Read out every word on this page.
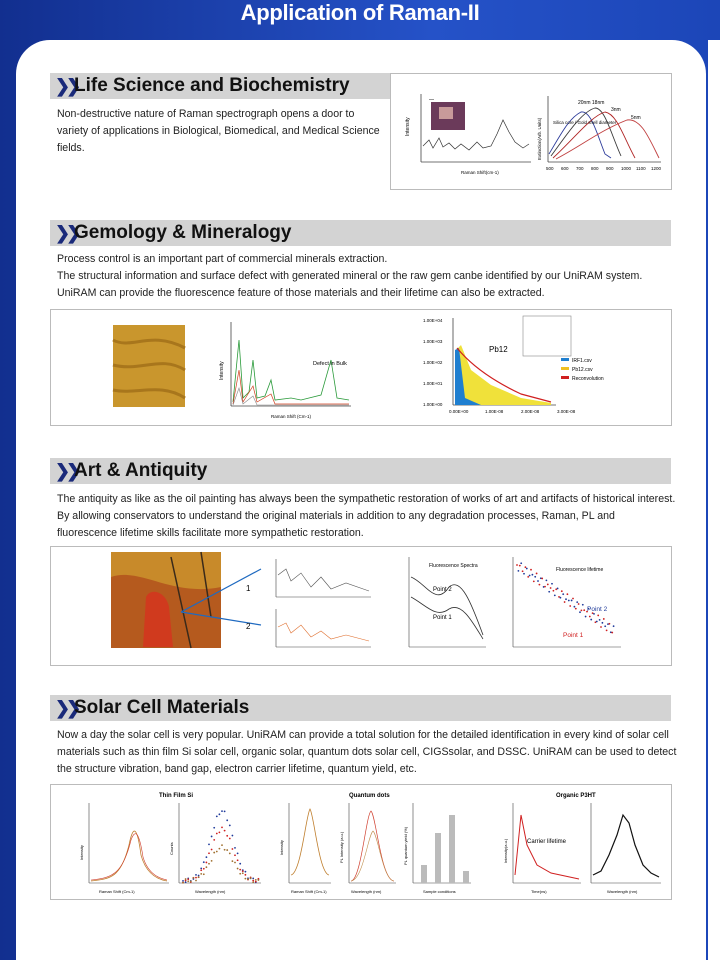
Application of Raman-II
❯❯
Life Science and Biochemistry
Non-destructive nature of Raman spectrograph opens a door to variety of applications in Biological, Biomedical, and Medical Science fields.
Intensity
Raman Shift(cm-1)
Extinction(Arb. Units)
20nm 18nm
3nm
5nm
Silica core / Gold shell diameter
500 600 700 800 900 1000 1100 1200
❯❯
Gemology & Mineralogy
Process control is an important part of commercial minerals extraction.
The structural information and surface defect with generated mineral or the raw gem canbe identified by our UniRAM system. UniRAM can provide the fluorescence feature of those materials and their lifetime can also be extracted.
Intensity
Raman Shift (Cm-1)
Defect in Bulk
Pb12
IRF1.csv
Pb12.csv
Reconvolution
1.00E+04
1.00E+03
1.00E+02
1.00E+01
1.00E+00
0.00E+00	1.00E-08	2.00E-08	3.00E-08
❯❯
Art & Antiquity
The antiquity as like as the oil painting has always been the sympathetic restoration of works of art and artifacts of historical interest. By allowing conservators to understand the original materials in addition to any degradation processes, Raman, PL and fluorescence lifetime skills facilitate more sympathetic restoration.
1
2
Fluorescence Spectra
Point 2
Point 1
Fluorescence lifetime
Point 2
Point 1
❯❯
Solar Cell Materials
Now a day the solar cell is very popular. UniRAM can provide a total solution for the detailed identification in every kind of solar cell materials such as thin film Si solar cell, organic solar, quantum dots solar cell, CIGSsolar, and DSSC. UniRAM can be used to detect the structure vibration, band gap, electron carrier lifetime, quantum yield, etc.
Thin Film Si	Quantum dots	Organic P3HT
Raman Shift (Cm-1)
Intensity
Wavelength (nm)
Counts
Raman Shift (Cm-1)
Intensity
Wavelength (nm)
PL Intensity (a.u.)
Sample conditions
PL quantum yield (%)	Carrier lifetime
Time(ns)
Intensity(a.u.)
Wavelength (nm)
